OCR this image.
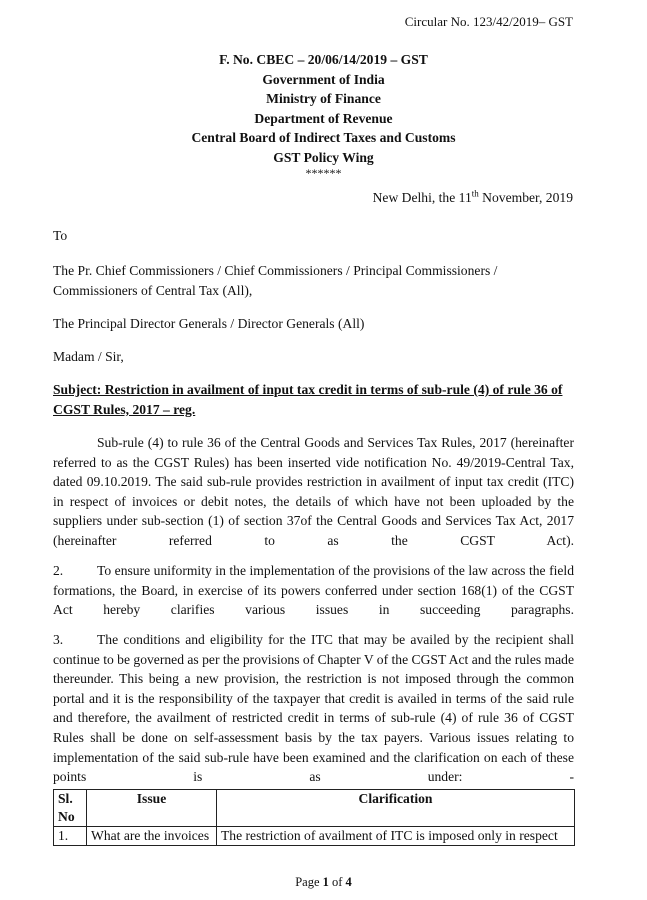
Circular No. 123/42/2019– GST
F. No. CBEC – 20/06/14/2019 – GST
Government of India
Ministry of Finance
Department of Revenue
Central Board of Indirect Taxes and Customs
GST Policy Wing
******
New Delhi, the 11th November, 2019
To
The Pr. Chief Commissioners / Chief Commissioners / Principal Commissioners / Commissioners of Central Tax (All),
The Principal Director Generals / Director Generals (All)
Madam / Sir,
Subject: Restriction in availment of input tax credit in terms of sub-rule (4) of rule 36 of CGST Rules, 2017 – reg.
Sub-rule (4) to rule 36 of the Central Goods and Services Tax Rules, 2017 (hereinafter referred to as the CGST Rules) has been inserted vide notification No. 49/2019-Central Tax, dated 09.10.2019. The said sub-rule provides restriction in availment of input tax credit (ITC) in respect of invoices or debit notes, the details of which have not been uploaded by the suppliers under sub-section (1) of section 37of the Central Goods and Services Tax Act, 2017 (hereinafter referred to as the CGST Act).
2. To ensure uniformity in the implementation of the provisions of the law across the field formations, the Board, in exercise of its powers conferred under section 168(1) of the CGST Act hereby clarifies various issues in succeeding paragraphs.
3. The conditions and eligibility for the ITC that may be availed by the recipient shall continue to be governed as per the provisions of Chapter V of the CGST Act and the rules made thereunder. This being a new provision, the restriction is not imposed through the common portal and it is the responsibility of the taxpayer that credit is availed in terms of the said rule and therefore, the availment of restricted credit in terms of sub-rule (4) of rule 36 of CGST Rules shall be done on self-assessment basis by the tax payers. Various issues relating to implementation of the said sub-rule have been examined and the clarification on each of these points is as under: -
Sl. No	Issue	Clarification
1.	What are the invoices	The restriction of availment of ITC is imposed only in respect
Page 1 of 4
